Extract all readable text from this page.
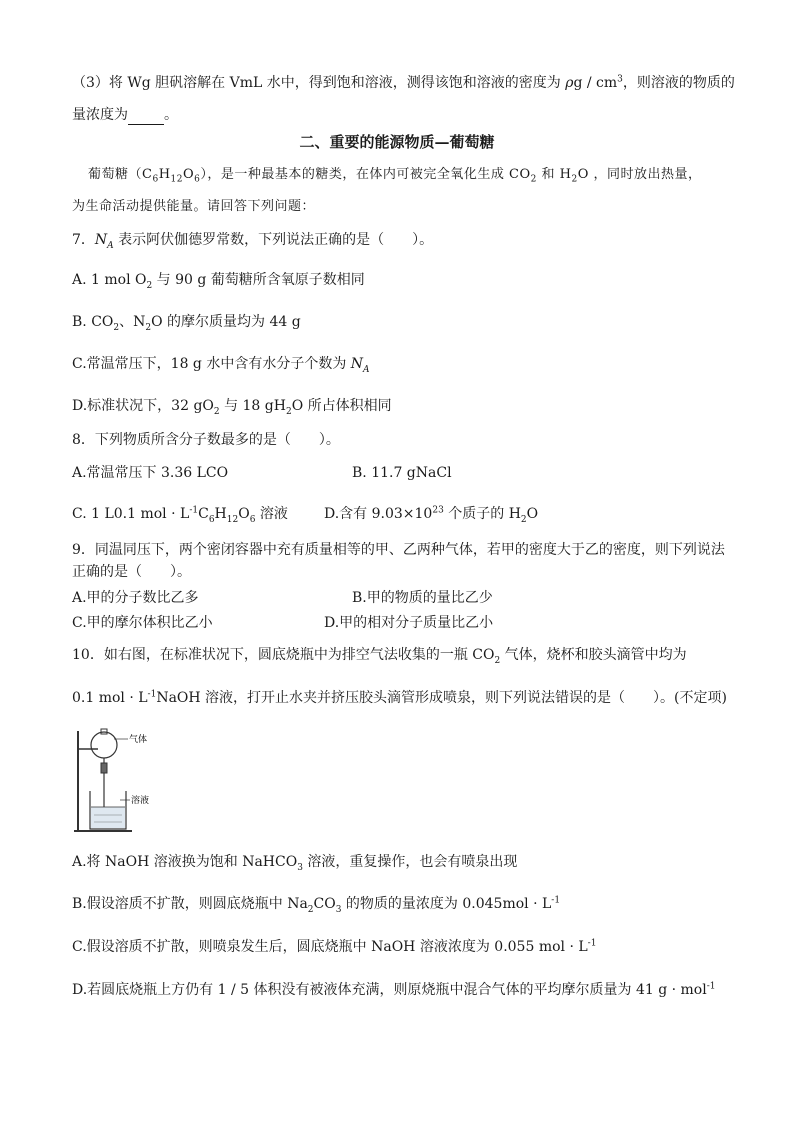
（3）将 Wg 胆矾溶解在 VmL 水中，得到饱和溶液，测得该饱和溶液的密度为 ρg / $cm^3$，则溶液的物质的
量浓度为	。
二、重要的能源物质—葡萄糖
葡萄糖$(C_6H_{12}O_6)$，是一种最基本的糖类，在体内可被完全氧化生成 $CO_2$ 和 $H_2O$ ，同时放出热量，
为生命活动提供能量。请回答下列问题：
7．$N_A$ 表示阿伏伽德罗常数，下列说法正确的是（　　）。
A. 1 mol $O_2$ 与 90 g 葡萄糖所含氧原子数相同
B. $CO_2$、$N_2O$ 的摩尔质量均为 44 g
C.常温常压下，18 g 水中含有水分子个数为 $N_A$
D.标准状况下，32 $gO_2$ 与 18 $gH_2O$ 所占体积相同
8．下列物质所含分子数最多的是（　　）。
A.常温常压下 3.36 LCO	B. 11.7 gNaCl
C. 1 L0.1 mol · $L^{-1}C_6H_{12}O_6$ 溶液	D.含有 $9.03\times 10^{23}$ 个质子的 $H_2O$
9．同温同压下，两个密闭容器中充有质量相等的甲、乙两种气体，若甲的密度大于乙的密度，则下列说法
正确的是（　　）。
A.甲的分子数比乙多	B.甲的物质的量比乙少
C.甲的摩尔体积比乙小	D.甲的相对分子质量比乙小
10．如右图，在标准状况下，圆底烧瓶中为排空气法收集的一瓶 $CO_2$ 气体，烧杯和胶头滴管中均为
0.1 mol · $L^{-1}NaOH$ 溶液，打开止水夹并挤压胶头滴管形成喷泉，则下列说法错误的是（　　）。(不定项)
气体
溶液
A.将 NaOH 溶液换为饱和 NaHCO$_3$ 溶液，重复操作，也会有喷泉出现
B.假设溶质不扩散，则圆底烧瓶中 $Na_2CO_3$ 的物质的量浓度为 $0.045mol \cdot L^{-1}$
C.假设溶质不扩散，则喷泉发生后，圆底烧瓶中 NaOH 溶液浓度为 0.055 mol · $L^{-1}$
D.若圆底烧瓶上方仍有 1 / 5 体积没有被液体充满，则原烧瓶中混合气体的平均摩尔质量为 41 g · mol$^{-1}$
